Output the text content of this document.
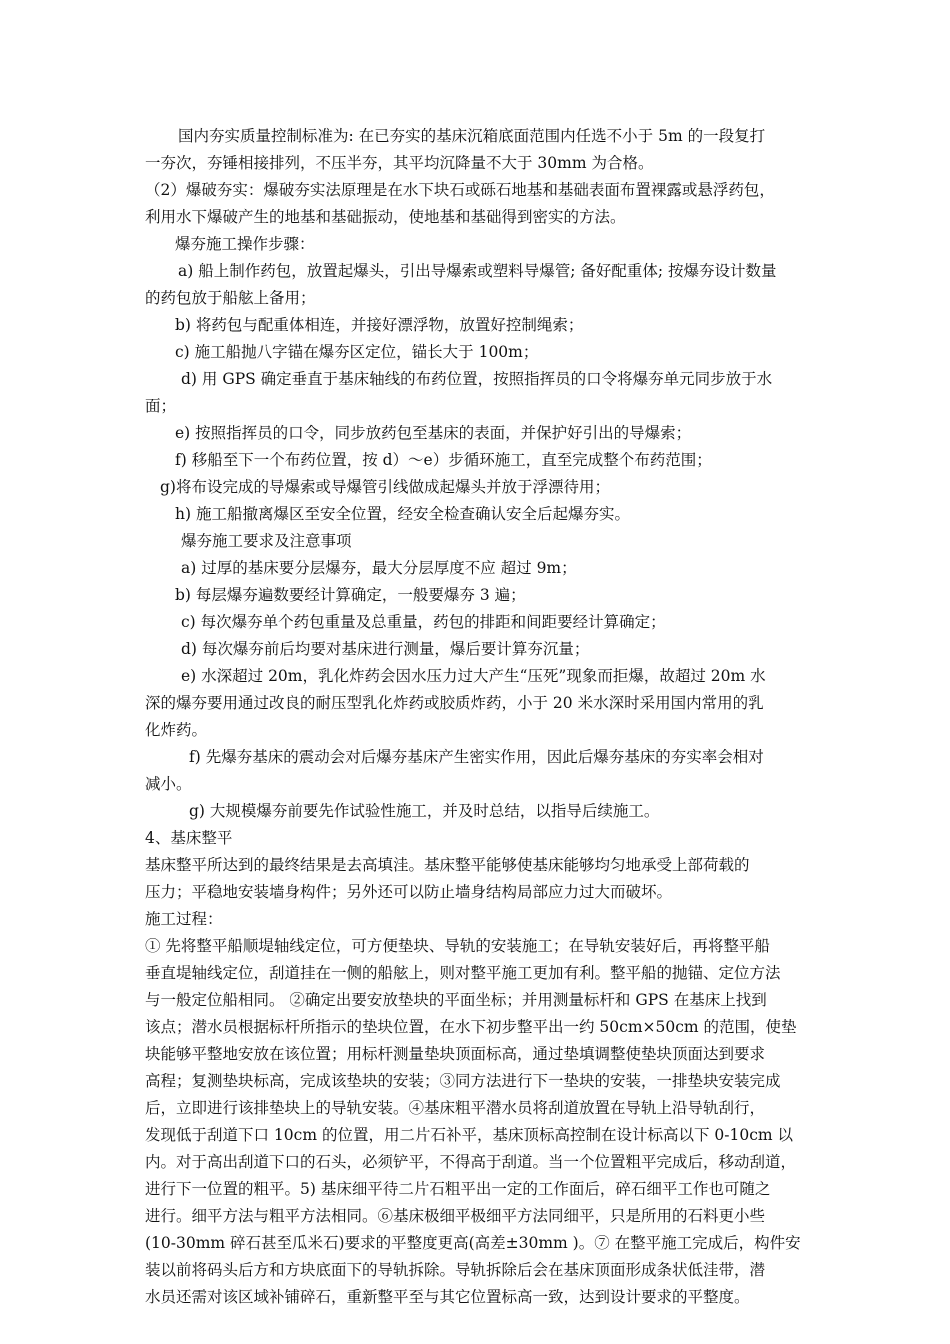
国内夯实质量控制标准为: 在已夯实的基床沉箱底面范围内任选不小于 5m 的一段复打
一夯次，夯锤相接排列，不压半夯，其平均沉降量不大于 30mm 为合格。
（2）爆破夯实：爆破夯实法原理是在水下块石或砾石地基和基础表面布置裸露或悬浮药包，
利用水下爆破产生的地基和基础振动，使地基和基础得到密实的方法。
爆夯施工操作步骤：
a) 船上制作药包，放置起爆头，引出导爆索或塑料导爆管; 备好配重体; 按爆夯设计数量
的药包放于船舷上备用；
b) 将药包与配重体相连，并接好漂浮物，放置好控制绳索；
c) 施工船抛八字锚在爆夯区定位，锚长大于 100m；
d) 用 GPS 确定垂直于基床轴线的布药位置，按照指挥员的口令将爆夯单元同步放于水
面；
e) 按照指挥员的口令，同步放药包至基床的表面，并保护好引出的导爆索；
f) 移船至下一个布药位置，按 d）～e）步循环施工，直至完成整个布药范围；
g)将布设完成的导爆索或导爆管引线做成起爆头并放于浮漂待用；
h) 施工船撤离爆区至安全位置，经安全检查确认安全后起爆夯实。
爆夯施工要求及注意事项
a) 过厚的基床要分层爆夯，最大分层厚度不应 超过 9m；
b) 每层爆夯遍数要经计算确定，一般要爆夯 3 遍；
c) 每次爆夯单个药包重量及总重量，药包的排距和间距要经计算确定；
d) 每次爆夯前后均要对基床进行测量，爆后要计算夯沉量；
e) 水深超过 20m，乳化炸药会因水压力过大产生“压死”现象而拒爆，故超过 20m 水
深的爆夯要用通过改良的耐压型乳化炸药或胶质炸药，小于 20 米水深时采用国内常用的乳
化炸药。
f) 先爆夯基床的震动会对后爆夯基床产生密实作用，因此后爆夯基床的夯实率会相对
减小。
g) 大规模爆夯前要先作试验性施工，并及时总结，以指导后续施工。
4、基床整平
基床整平所达到的最终结果是去高填洼。基床整平能够使基床能够均匀地承受上部荷载的
压力；平稳地安装墙身构件；另外还可以防止墙身结构局部应力过大而破坏。
施工过程：
① 先将整平船顺堤轴线定位，可方便垫块、导轨的安装施工；在导轨安装好后，再将整平船
垂直堤轴线定位，刮道挂在一侧的船舷上，则对整平施工更加有利。整平船的抛锚、定位方法
与一般定位船相同。 ②确定出要安放垫块的平面坐标；并用测量标杆和 GPS 在基床上找到
该点；潜水员根据标杆所指示的垫块位置，在水下初步整平出一约 50cm×50cm 的范围，使垫
块能够平整地安放在该位置；用标杆测量垫块顶面标高，通过垫填调整使垫块顶面达到要求
高程；复测垫块标高，完成该垫块的安装；③同方法进行下一垫块的安装，一排垫块安装完成
后，立即进行该排垫块上的导轨安装。④基床粗平潜水员将刮道放置在导轨上沿导轨刮行，
发现低于刮道下口 10cm 的位置，用二片石补平，基床顶标高控制在设计标高以下 0-10cm 以
内。对于高出刮道下口的石头，必须铲平，不得高于刮道。当一个位置粗平完成后，移动刮道，
进行下一位置的粗平。5) 基床细平待二片石粗平出一定的工作面后，碎石细平工作也可随之
进行。细平方法与粗平方法相同。⑥基床极细平极细平方法同细平，只是所用的石料更小些
(10-30mm 碎石甚至瓜米石)要求的平整度更高(高差±30mm )。⑦ 在整平施工完成后，构件安
装以前将码头后方和方块底面下的导轨拆除。导轨拆除后会在基床顶面形成条状低洼带，潜
水员还需对该区域补铺碎石，重新整平至与其它位置标高一致，达到设计要求的平整度。
